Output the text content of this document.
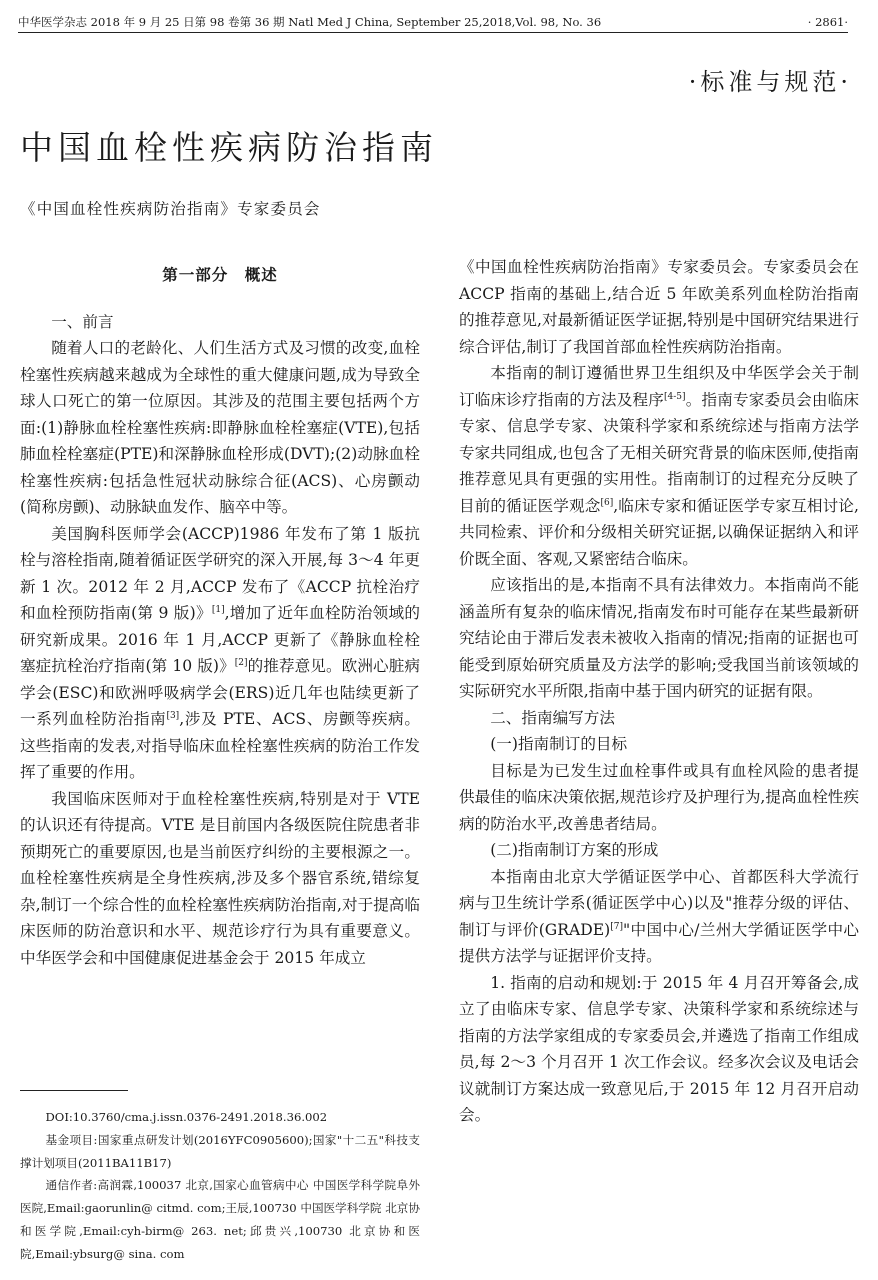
中华医学杂志 2018 年 9 月 25 日第 98 卷第 36 期 Natl Med J China, September 25,2018,Vol. 98, No. 36	· 2861·
·标准与规范·
中国血栓性疾病防治指南
《中国血栓性疾病防治指南》专家委员会

第一部分　概述

一、前言

随着人口的老龄化、人们生活方式及习惯的改变,血栓栓塞性疾病越来越成为全球性的重大健康问题,成为导致全球人口死亡的第一位原因。其涉及的范围主要包括两个方面:(1)静脉血栓栓塞性疾病:即静脉血栓栓塞症(VTE),包括肺血栓栓塞症(PTE)和深静脉血栓形成(DVT);(2)动脉血栓栓塞性疾病:包括急性冠状动脉综合征(ACS)、心房颤动(简称房颤)、动脉缺血发作、脑卒中等。

美国胸科医师学会(ACCP)1986 年发布了第 1 版抗栓与溶栓指南,随着循证医学研究的深入开展,每 3～4 年更新 1 次。2012 年 2 月,ACCP 发布了《ACCP 抗栓治疗和血栓预防指南(第 9 版)》[1],增加了近年血栓防治领域的研究新成果。2016 年 1 月,ACCP 更新了《静脉血栓栓塞症抗栓治疗指南(第 10 版)》[2]的推荐意见。欧洲心脏病学会(ESC)和欧洲呼吸病学会(ERS)近几年也陆续更新了一系列血栓防治指南[3],涉及 PTE、ACS、房颤等疾病。这些指南的发表,对指导临床血栓栓塞性疾病的防治工作发挥了重要的作用。

我国临床医师对于血栓栓塞性疾病,特别是对于 VTE 的认识还有待提高。VTE 是目前国内各级医院住院患者非预期死亡的重要原因,也是当前医疗纠纷的主要根源之一。血栓栓塞性疾病是全身性疾病,涉及多个器官系统,错综复杂,制订一个综合性的血栓栓塞性疾病防治指南,对于提高临床医师的防治意识和水平、规范诊疗行为具有重要意义。中华医学会和中国健康促进基金会于 2015 年成立

DOI:10.3760/cma.j.issn.0376-2491.2018.36.002

基金项目:国家重点研发计划(2016YFC0905600);国家"十二五"科技支撑计划项目(2011BA11B17)

通信作者:高润霖,100037 北京,国家心血管病中心 中国医学科学院阜外医院,Email:gaorunlin@ citmd. com;王辰,100730 中国医学科学院 北京协和医学院,Email:cyh-birm@ 263. net;邱贵兴,100730 北京协和医院,Email:ybsurg@ sina. com

《中国血栓性疾病防治指南》专家委员会。专家委员会在 ACCP 指南的基础上,结合近 5 年欧美系列血栓防治指南的推荐意见,对最新循证医学证据,特别是中国研究结果进行综合评估,制订了我国首部血栓性疾病防治指南。

本指南的制订遵循世界卫生组织及中华医学会关于制订临床诊疗指南的方法及程序[4-5]。指南专家委员会由临床专家、信息学专家、决策科学家和系统综述与指南方法学专家共同组成,也包含了无相关研究背景的临床医师,使指南推荐意见具有更强的实用性。指南制订的过程充分反映了目前的循证医学观念[6],临床专家和循证医学专家互相讨论,共同检索、评价和分级相关研究证据,以确保证据纳入和评价既全面、客观,又紧密结合临床。

应该指出的是,本指南不具有法律效力。本指南尚不能涵盖所有复杂的临床情况,指南发布时可能存在某些最新研究结论由于滞后发表未被收入指南的情况;指南的证据也可能受到原始研究质量及方法学的影响;受我国当前该领域的实际研究水平所限,指南中基于国内研究的证据有限。

二、指南编写方法

(一)指南制订的目标

目标是为已发生过血栓事件或具有血栓风险的患者提供最佳的临床决策依据,规范诊疗及护理行为,提高血栓性疾病的防治水平,改善患者结局。

(二)指南制订方案的形成

本指南由北京大学循证医学中心、首都医科大学流行病与卫生统计学系(循证医学中心)以及"推荐分级的评估、制订与评价(GRADE)[7]"中国中心/兰州大学循证医学中心提供方法学与证据评价支持。

1. 指南的启动和规划:于 2015 年 4 月召开筹备会,成立了由临床专家、信息学专家、决策科学家和系统综述与指南的方法学家组成的专家委员会,并遴选了指南工作组成员,每 2～3 个月召开 1 次工作会议。经多次会议及电话会议就制订方案达成一致意见后,于 2015 年 12 月召开启动会。
